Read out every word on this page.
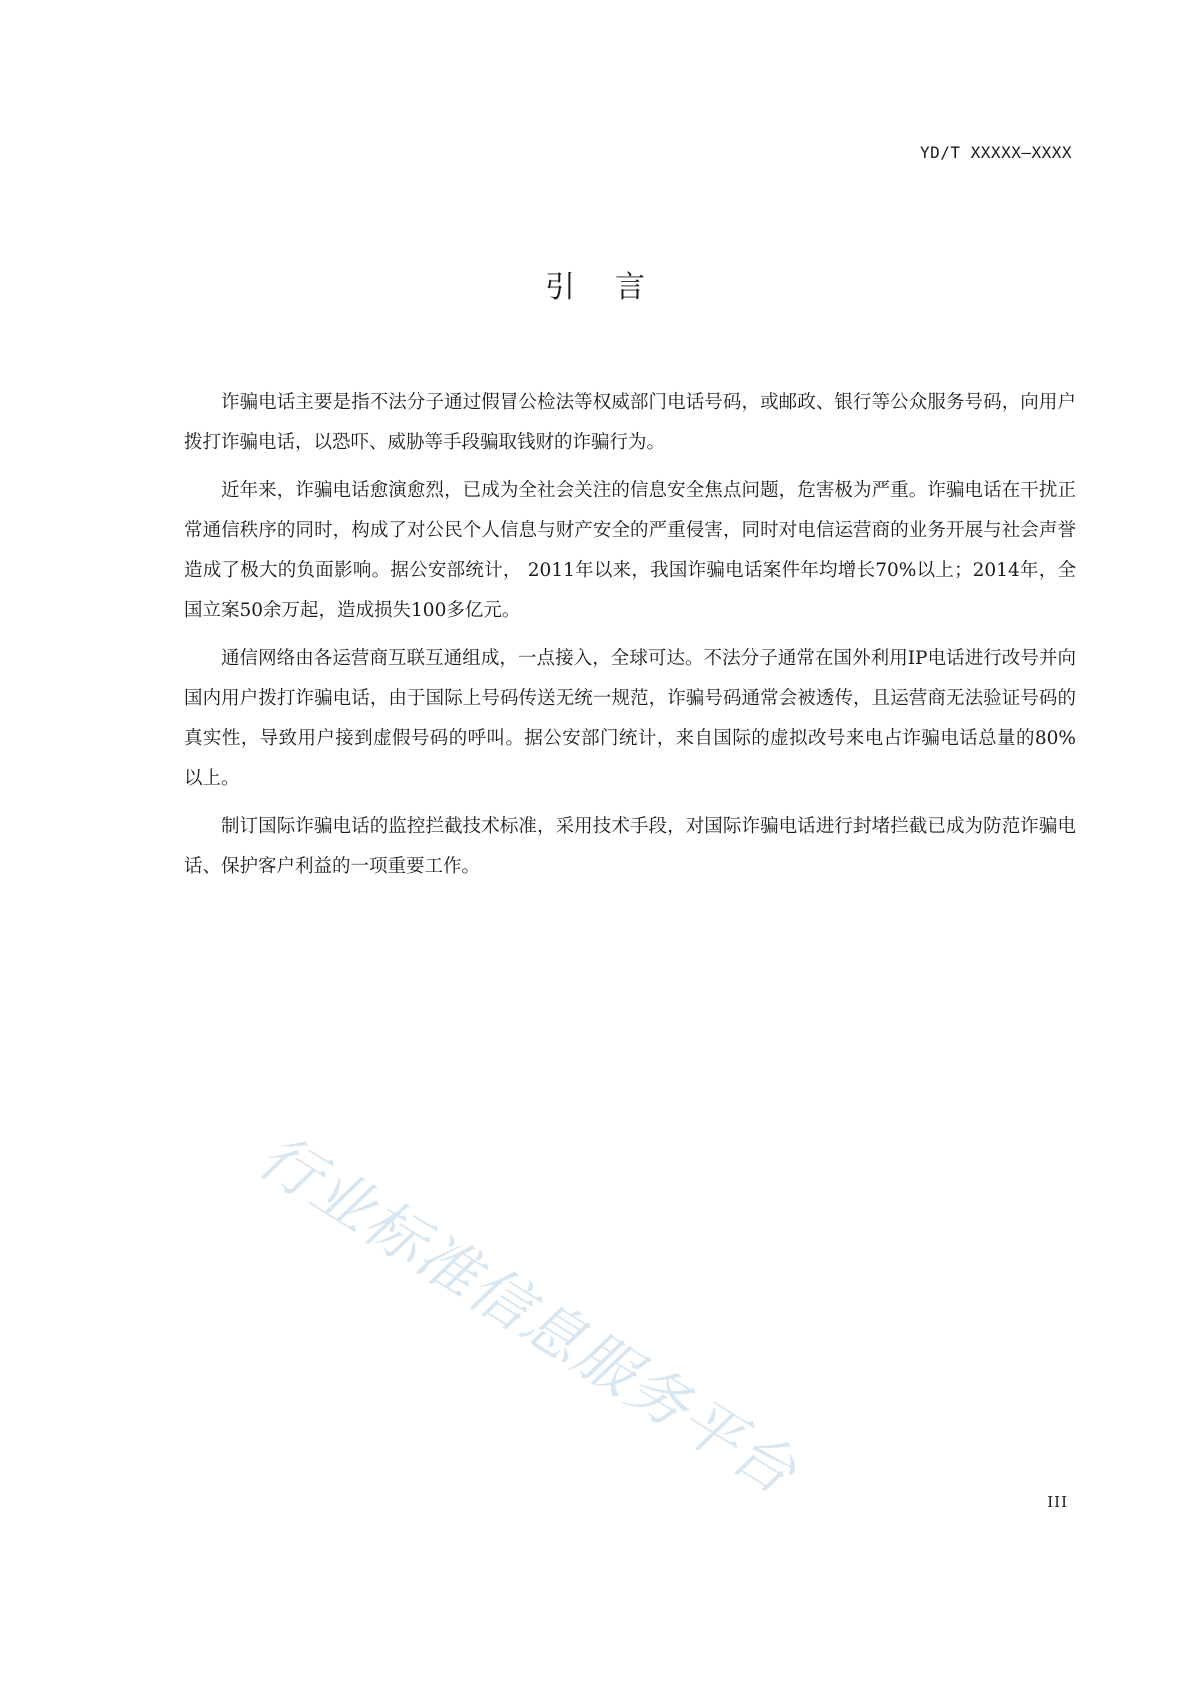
YD/T XXXXX—XXXX
引言

诈骗电话主要是指不法分子通过假冒公检法等权威部门电话号码，或邮政、银行等公众服务号码，向用户拨打诈骗电话，以恐吓、威胁等手段骗取钱财的诈骗行为。

近年来，诈骗电话愈演愈烈，已成为全社会关注的信息安全焦点问题，危害极为严重。诈骗电话在干扰正常通信秩序的同时，构成了对公民个人信息与财产安全的严重侵害，同时对电信运营商的业务开展与社会声誉造成了极大的负面影响。据公安部统计， 2011年以来，我国诈骗电话案件年均增长70%以上；2014年，全国立案50余万起，造成损失100多亿元。

通信网络由各运营商互联互通组成，一点接入，全球可达。不法分子通常在国外利用IP电话进行改号并向国内用户拨打诈骗电话，由于国际上号码传送无统一规范，诈骗号码通常会被透传，且运营商无法验证号码的真实性，导致用户接到虚假号码的呼叫。据公安部门统计，来自国际的虚拟改号来电占诈骗电话总量的80%以上。

制订国际诈骗电话的监控拦截技术标准，采用技术手段，对国际诈骗电话进行封堵拦截已成为防范诈骗电话、保护客户利益的一项重要工作。

行业标准信息服务平台	III
